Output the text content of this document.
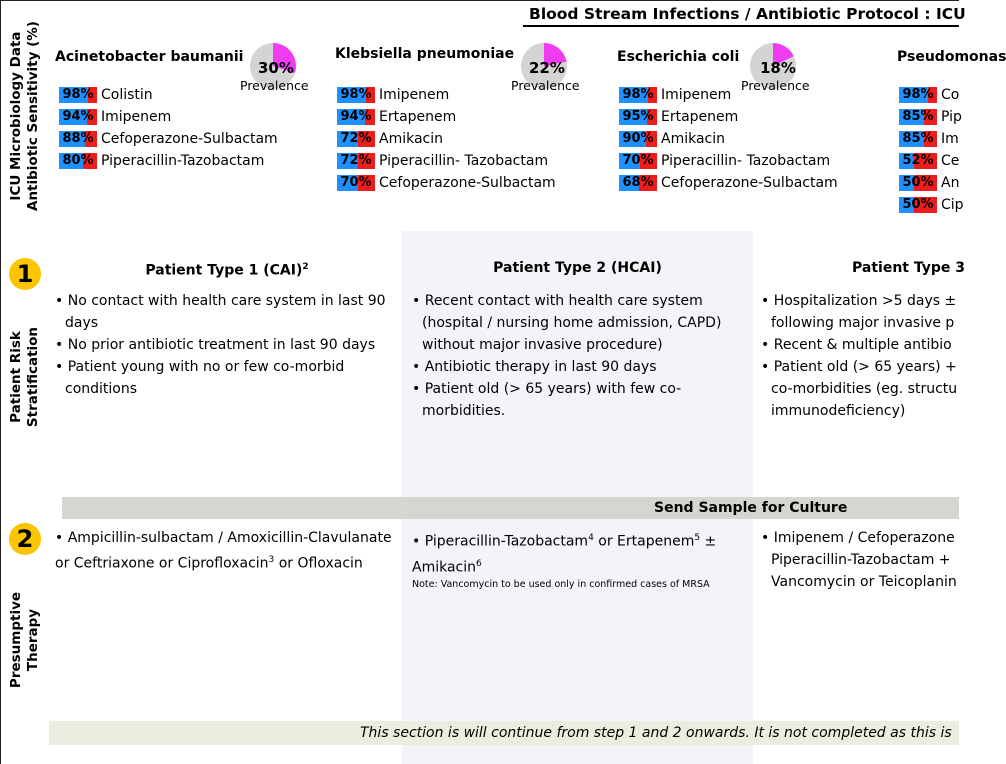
Blood Stream Infections / Antibiotic Protocol : ICU
ICU Microbiology Data Antibiotic Sensitivity (%)
Patient Risk Stratification
Presumptive Therapy
Acinetobacter baumanii
30%
Prevalence
98% Colistin
94% Imipenem
88% Cefoperazone-Sulbactam
80% Piperacillin-Tazobactam
Klebsiella pneumoniae
22%
Prevalence
98% Imipenem
94% Ertapenem
72% Amikacin
72% Piperacillin- Tazobactam
70% Cefoperazone-Sulbactam
Escherichia coli
18%
Prevalence
98% Imipenem
95% Ertapenem
90% Amikacin
70% Piperacillin- Tazobactam
68% Cefoperazone-Sulbactam
Pseudomonas
98% Co
85% Pip
85% Im
52% Ce
50% An
50% Cip
1	Patient Type 1 (CAI)$^2$
• No contact with health care system in last 90 days
• No prior antibiotic treatment in last 90 days
• Patient young with no or few co-morbid conditions
Patient Type 2 (HCAI)
• Recent contact with health care system (hospital / nursing home admission, CAPD) without major invasive procedure)
• Antibiotic therapy in last 90 days
• Patient old (> 65 years) with few co-morbidities.
Patient Type 3
• Hospitalization >5 days ± following major invasive p
• Recent & multiple antibio
• Patient old (> 65 years) + co-morbidities (eg. structu immunodeficiency)
Send Sample for Culture
2	• Ampicillin-sulbactam / Amoxicillin-Clavulanate or Ceftriaxone or Ciprofloxacin$^3$ or Ofloxacin
• Piperacillin-Tazobactam$^4$ or Ertapenem$^5$ ± Amikacin$^6$
Note: Vancomycin to be used only in confirmed cases of MRSA
• Imipenem / Cefoperazone
Piperacillin-Tazobactam +
Vancomycin or Teicoplanin
This section is will continue from step 1 and 2 onwards. It is not completed as this is
